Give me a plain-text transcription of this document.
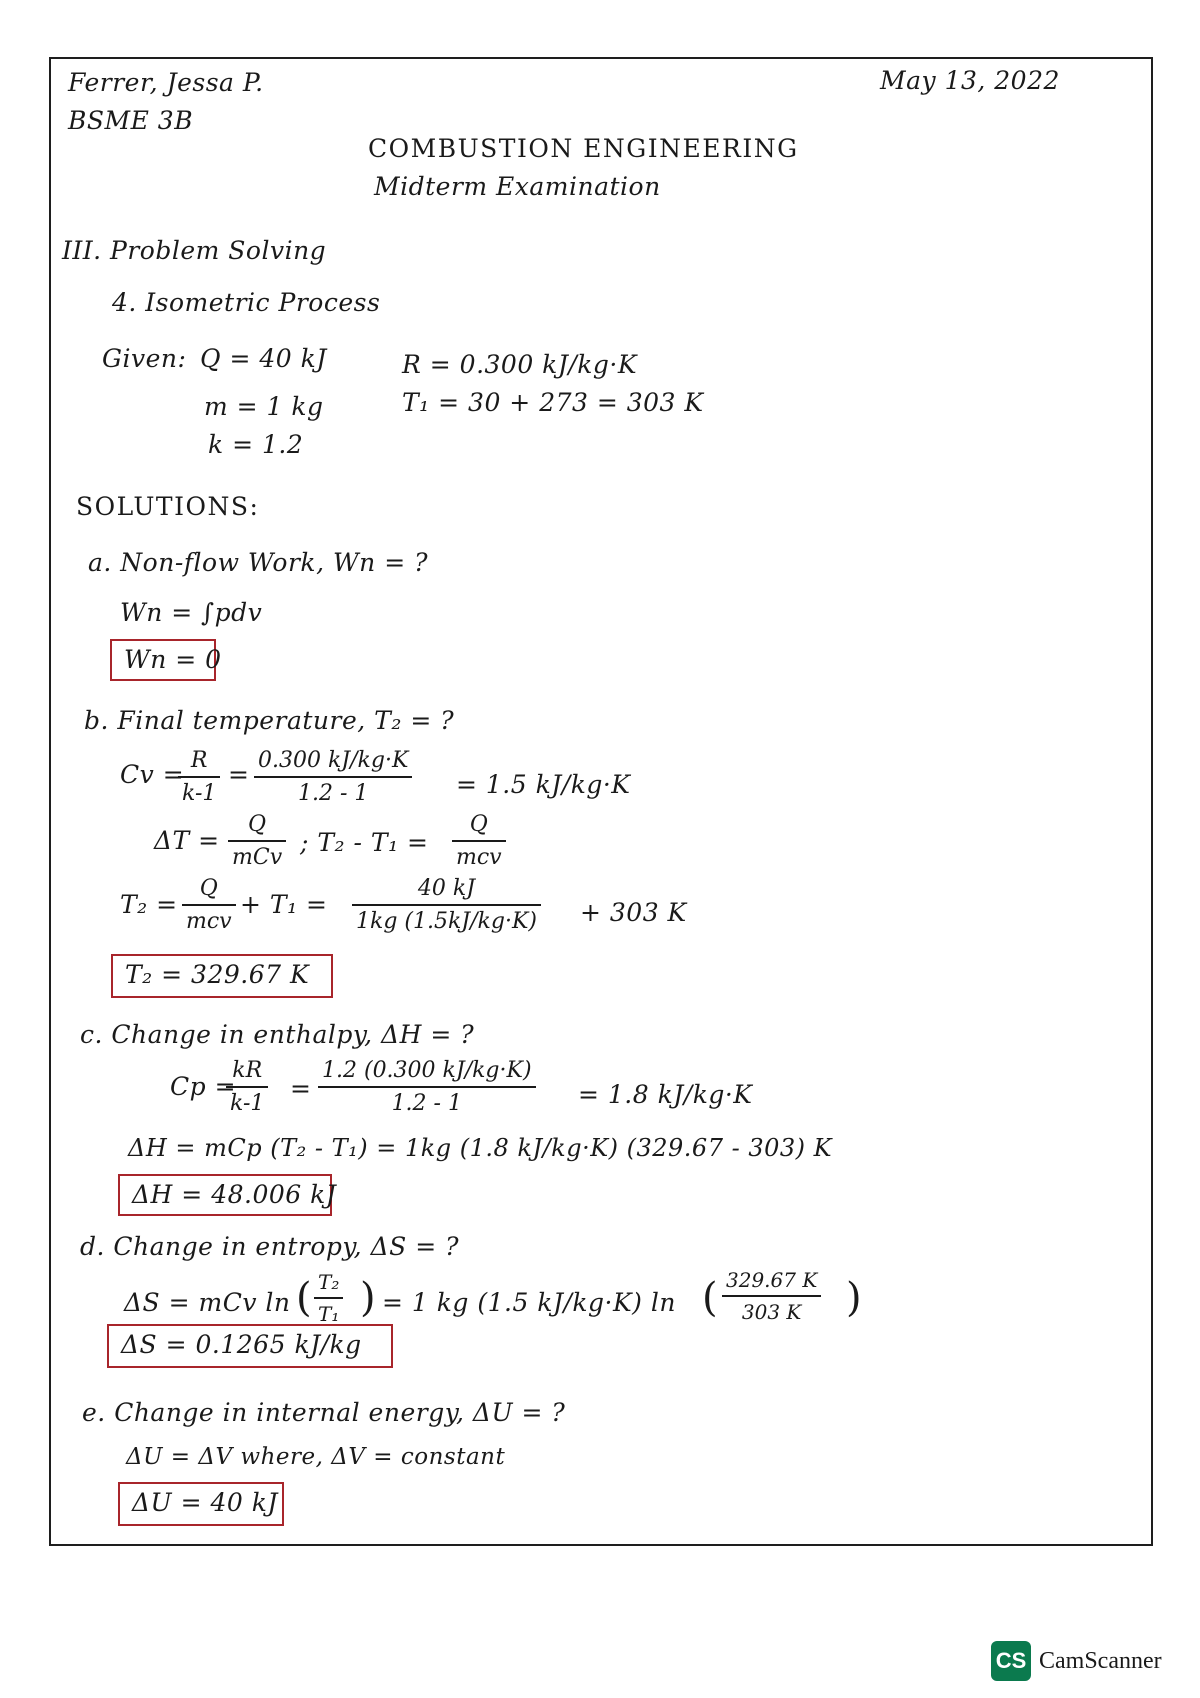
Ferrer, Jessa P.
BSME 3B
May 13, 2022
COMBUSTION ENGINEERING
Midterm Examination
III. Problem Solving
4. Isometric Process
Given: Q = 40 kJ
m = 1 kg
k = 1.2
R = 0.300 kJ/kg·K
T₁ = 30 + 273 = 303 K
SOLUTIONS:
a. Non-flow Work, Wn = ?
Wn = ∫pdv
Wn = 0
b. Final temperature, T₂ = ?
Cv =
$\frac{R}{k-1} = \frac{0.300 kJ/kg\cdot K}{1.2 - 1} = 1.5$ kJ/kg·K
ΔT =
Q
mCv
; T₂ - T₁ =
Q
mcv
T₂ =
Q
mcv
+ $T_1 = \frac{40 kJ}{1kg (1.5kJ/kg\cdot K)} + 303$ K
T₂ = 329.67 K
c. Change in enthalpy, ΔH = ?
Cp =
$\frac{kR}{k-1} = \frac{1.2 (0.300 kJ/kg\cdot K)}{1.2 - 1} = 1.8$ kJ/kg·K
ΔH = mCp (T₂ - T₁) = 1kg (1.8 kJ/kg·K) (329.67 - 303) K
ΔH = 48.006 kJ
d. Change in entropy, ΔS = ?
ΔS = mCv ln ( $\frac{\text{T₂}}{\text{T₁}}$ ) = 1 kg (1.5 kJ/kg·K) ln ( $\frac{329.67 K}{303 K}$ )
ΔS = 0.1265 kJ/kg
e. Change in internal energy, ΔU = ?
ΔU = ΔV where, ΔV = constant
ΔU = 40 kJ
CS CamScanner
